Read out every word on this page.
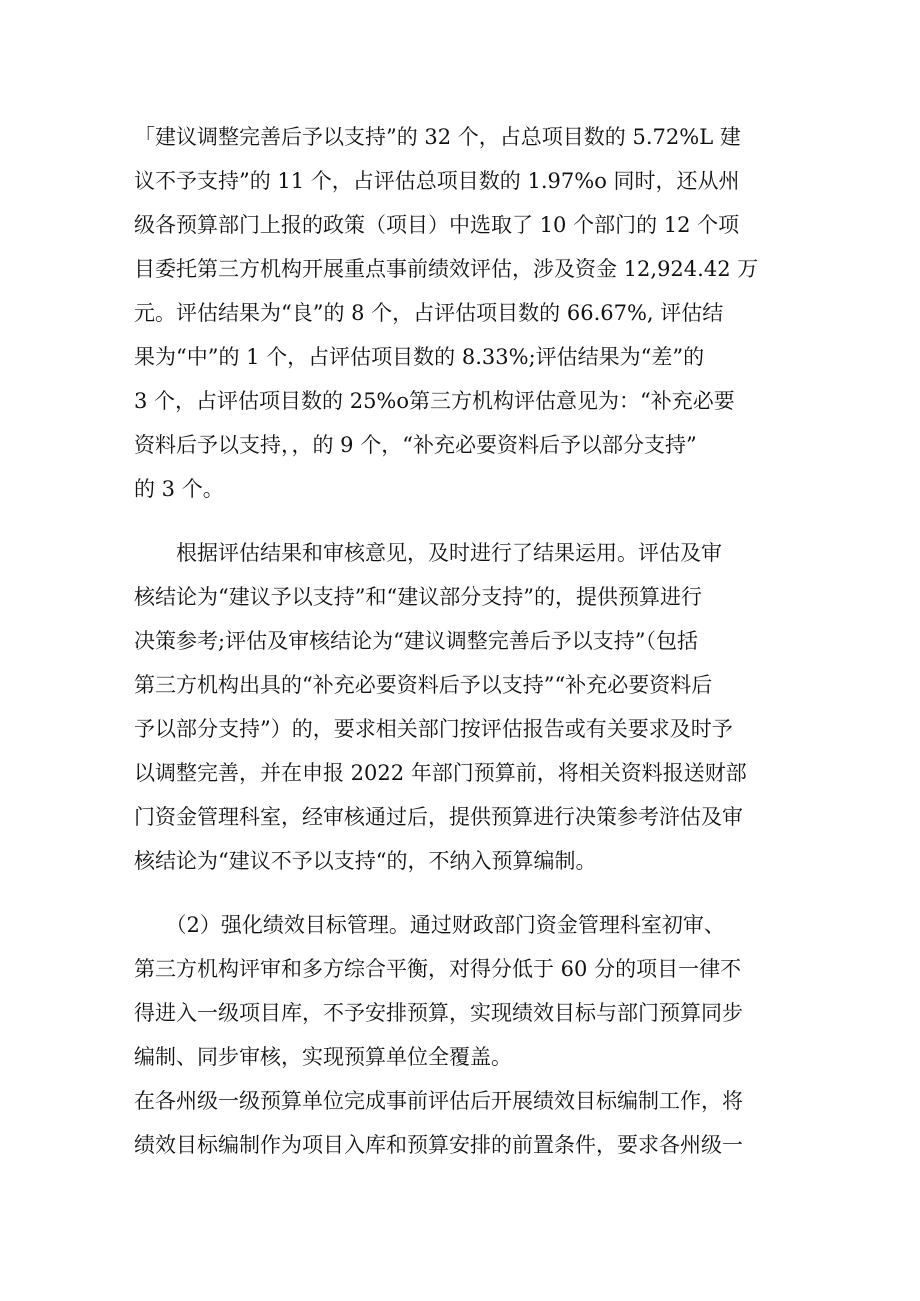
「建议调整完善后予以支持”的 32 个，占总项目数的 5.72%L 建
议不予支持”的 11 个，占评估总项目数的 1.97%o 同时，还从州
级各预算部门上报的政策（项目）中选取了 10 个部门的 12 个项
目委托第三方机构开展重点事前绩效评估，涉及资金 12,924.42 万
元。评估结果为“良”的 8 个，占评估项目数的 66.67%, 评估结
果为“中”的 1 个，占评估项目数的 8.33%;评估结果为“差”的
3 个，占评估项目数的 25%o第三方机构评估意见为：“补充必要
资料后予以支持，，的 9 个，“补充必要资料后予以部分支持”
的 3 个。
　　根据评估结果和审核意见，及时进行了结果运用。评估及审
核结论为“建议予以支持”和“建议部分支持”的，提供预算进行
决策参考;评估及审核结论为“建议调整完善后予以支持”（包括
第三方机构出具的“补充必要资料后予以支持”“补充必要资料后
予以部分支持”）的，要求相关部门按评估报告或有关要求及时予
以调整完善，并在申报 2022 年部门预算前，将相关资料报送财部
门资金管理科室，经审核通过后，提供预算进行决策参考浒估及审
核结论为“建议不予以支持“的，不纳入预算编制。
　　（2）强化绩效目标管理。通过财政部门资金管理科室初审、
第三方机构评审和多方综合平衡，对得分低于 60 分的项目一律不
得进入一级项目库，不予安排预算，实现绩效目标与部门预算同步
编制、同步审核，实现预算单位全覆盖。
在各州级一级预算单位完成事前评估后开展绩效目标编制工作，将
绩效目标编制作为项目入库和预算安排的前置条件，要求各州级一
